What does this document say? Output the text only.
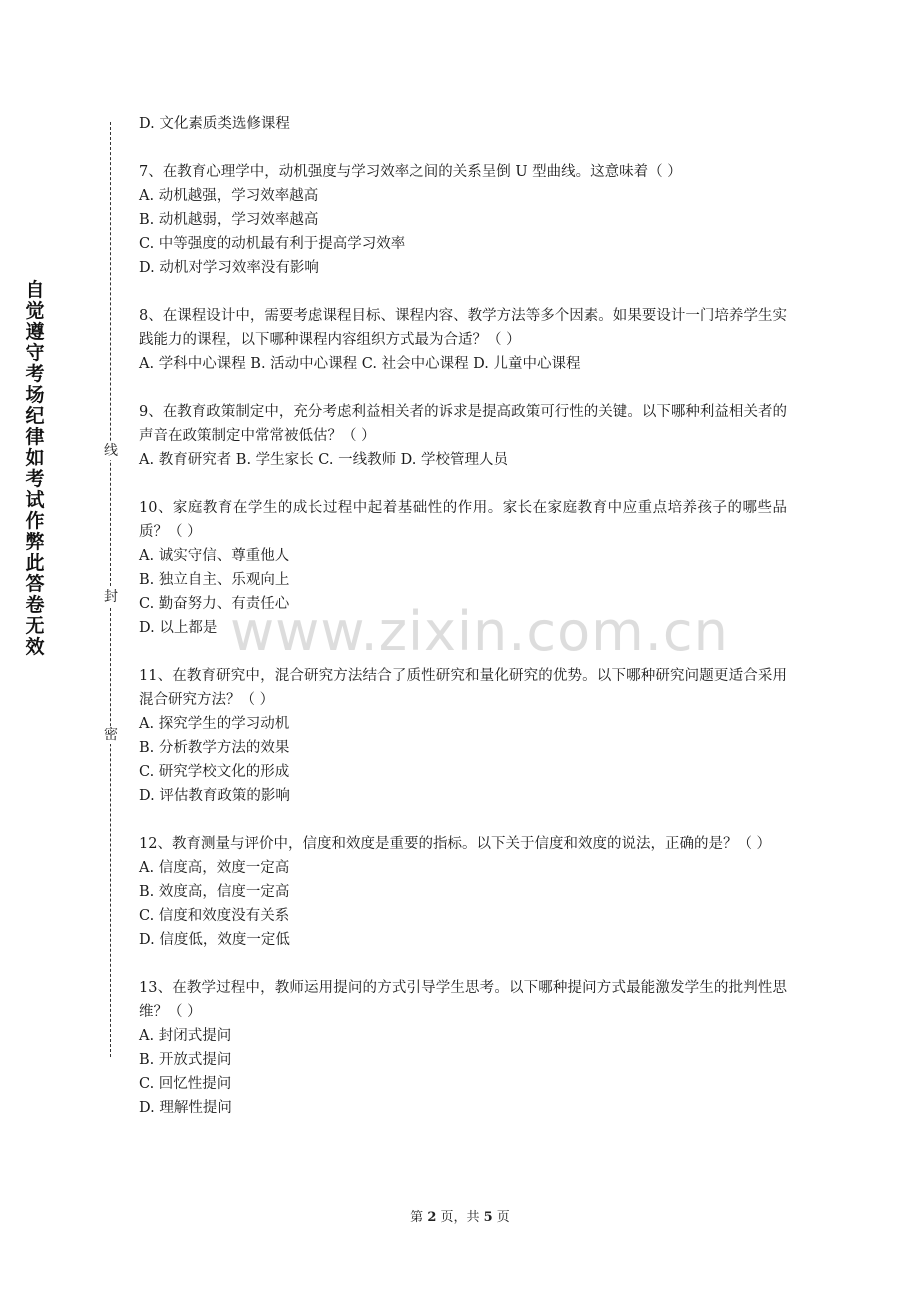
自觉遵守考场纪律如考试作弊此答卷无效
线
封
密
www.zixin.com.cn
D. 文化素质类选修课程
7、在教育心理学中，动机强度与学习效率之间的关系呈倒 U 型曲线。这意味着（ ）
A. 动机越强，学习效率越高
B. 动机越弱，学习效率越高
C. 中等强度的动机最有利于提高学习效率
D. 动机对学习效率没有影响
8、在课程设计中，需要考虑课程目标、课程内容、教学方法等多个因素。如果要设计一门培养学生实践能力的课程，以下哪种课程内容组织方式最为合适？（ ）
A. 学科中心课程 B. 活动中心课程 C. 社会中心课程 D. 儿童中心课程
9、在教育政策制定中，充分考虑利益相关者的诉求是提高政策可行性的关键。以下哪种利益相关者的声音在政策制定中常常被低估？（ ）
A. 教育研究者 B. 学生家长 C. 一线教师 D. 学校管理人员
10、家庭教育在学生的成长过程中起着基础性的作用。家长在家庭教育中应重点培养孩子的哪些品质？（ ）
A. 诚实守信、尊重他人
B. 独立自主、乐观向上
C. 勤奋努力、有责任心
D. 以上都是
11、在教育研究中，混合研究方法结合了质性研究和量化研究的优势。以下哪种研究问题更适合采用混合研究方法？（ ）
A. 探究学生的学习动机
B. 分析教学方法的效果
C. 研究学校文化的形成
D. 评估教育政策的影响
12、教育测量与评价中，信度和效度是重要的指标。以下关于信度和效度的说法，正确的是？（ ）
A. 信度高，效度一定高
B. 效度高，信度一定高
C. 信度和效度没有关系
D. 信度低，效度一定低
13、在教学过程中，教师运用提问的方式引导学生思考。以下哪种提问方式最能激发学生的批判性思维？（ ）
A. 封闭式提问
B. 开放式提问
C. 回忆性提问
D. 理解性提问
第 2 页，共 5 页
